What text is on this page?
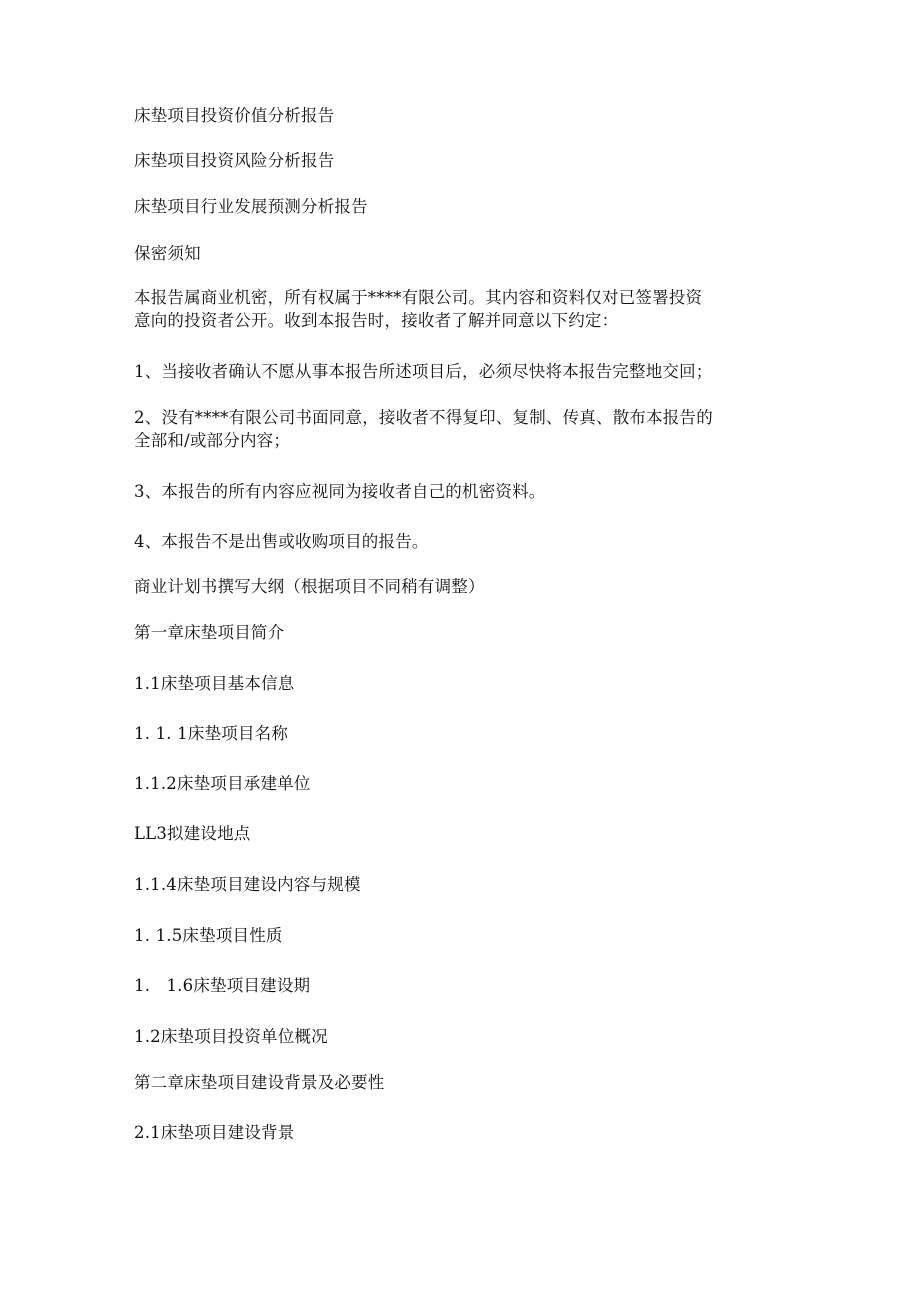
床垫项目投资价值分析报告
床垫项目投资风险分析报告
床垫项目行业发展预测分析报告
保密须知
本报告属商业机密，所有权属于****有限公司。其内容和资料仅对已签署投资
意向的投资者公开。收到本报告时，接收者了解并同意以下约定：
1、当接收者确认不愿从事本报告所述项目后，必须尽快将本报告完整地交回；
2、没有****有限公司书面同意，接收者不得复印、复制、传真、散布本报告的
全部和/或部分内容；
3、本报告的所有内容应视同为接收者自己的机密资料。
4、本报告不是出售或收购项目的报告。
商业计划书撰写大纲（根据项目不同稍有调整）
第一章床垫项目简介
1.1床垫项目基本信息
1. 1. 1床垫项目名称
1.1.2床垫项目承建单位
LL3拟建设地点
1.1.4床垫项目建设内容与规模
1. 1.5床垫项目性质
1.   1.6床垫项目建设期
1.2床垫项目投资单位概况
第二章床垫项目建设背景及必要性
2.1床垫项目建设背景
